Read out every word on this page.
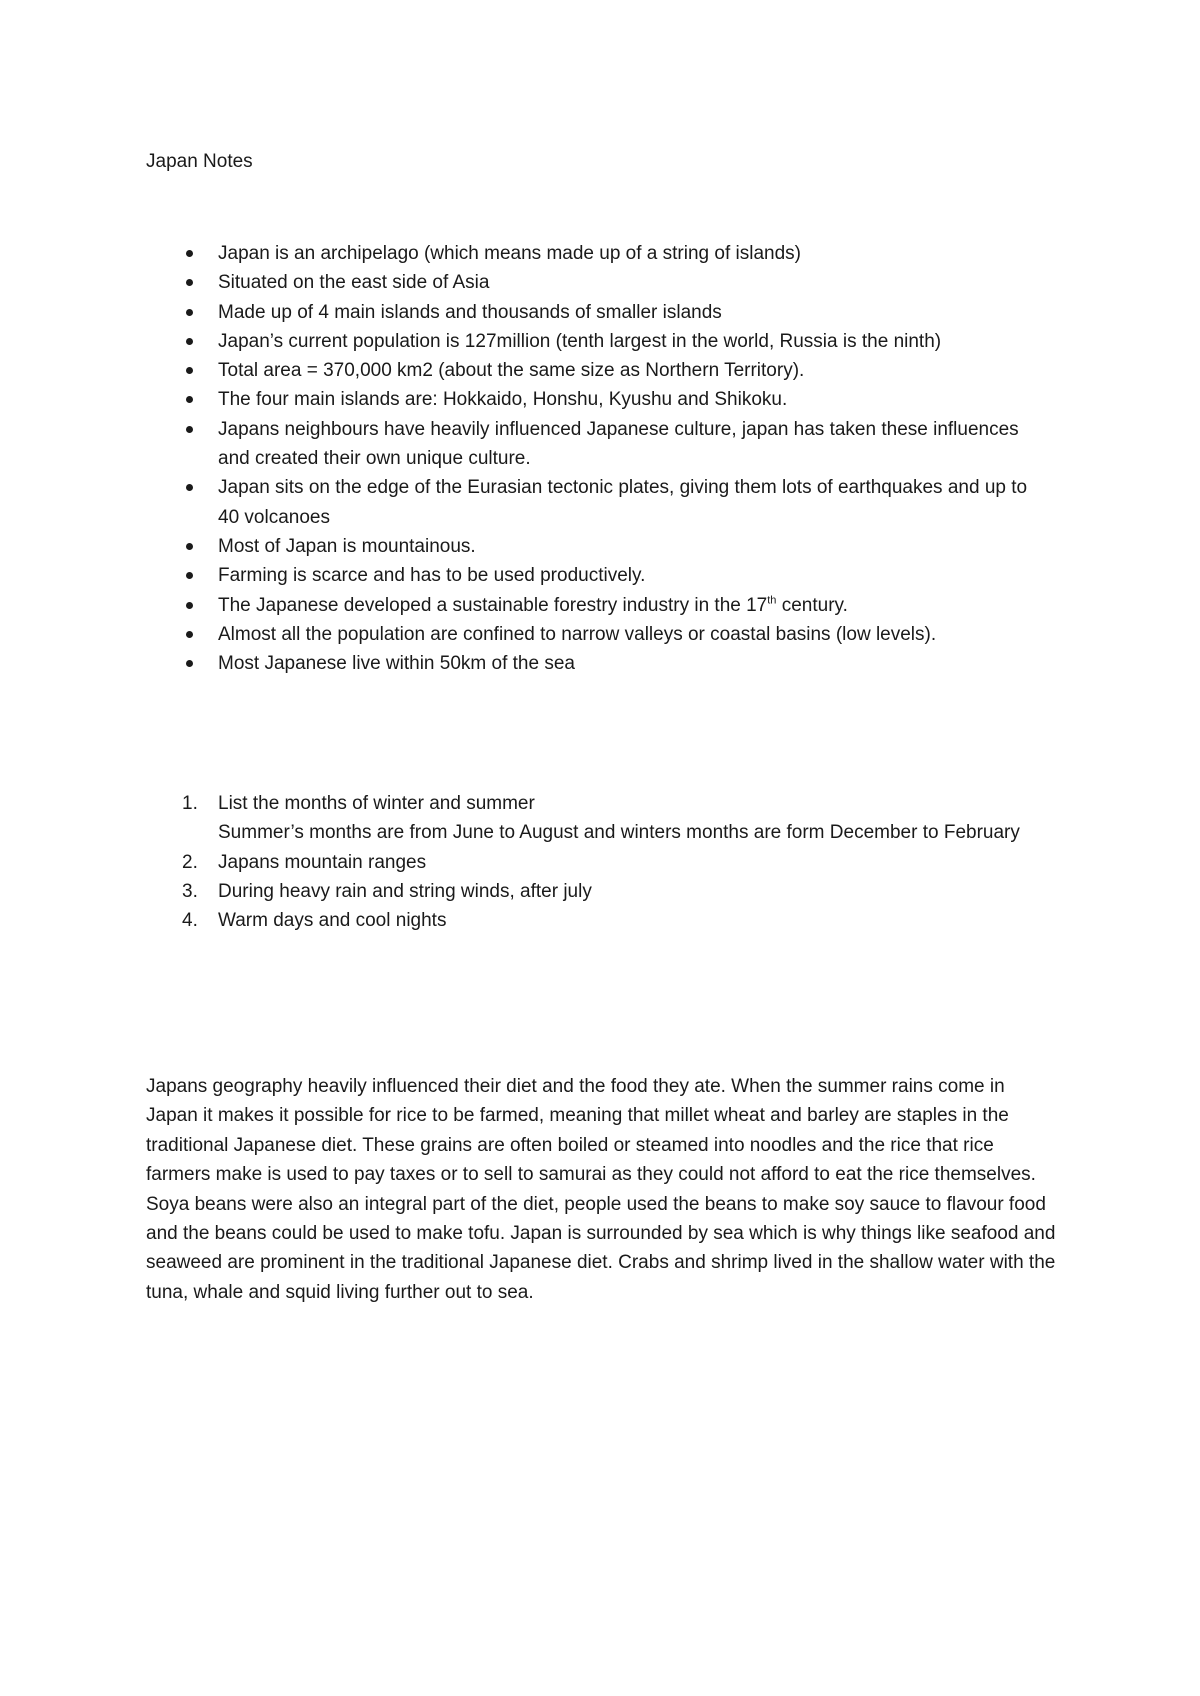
Japan Notes
Japan is an archipelago (which means made up of a string of islands)
Situated on the east side of Asia
Made up of 4 main islands and thousands of smaller islands
Japan’s current population is 127million (tenth largest in the world, Russia is the ninth)
Total area = 370,000 km2 (about the same size as Northern Territory).
The four main islands are: Hokkaido, Honshu, Kyushu and Shikoku.
Japans neighbours have heavily influenced Japanese culture, japan has taken these influences and created their own unique culture.
Japan sits on the edge of the Eurasian tectonic plates, giving them lots of earthquakes and up to 40 volcanoes
Most of Japan is mountainous.
Farming is scarce and has to be used productively.
The Japanese developed a sustainable forestry industry in the 17th century.
Almost all the population are confined to narrow valleys or coastal basins (low levels).
Most Japanese live within 50km of the sea
1. List the months of winter and summer
Summer’s months are from June to August and winters months are form December to February
2. Japans mountain ranges
3. During heavy rain and string winds, after july
4. Warm days and cool nights

Japans geography heavily influenced their diet and the food they ate. When the summer rains come in Japan it makes it possible for rice to be farmed, meaning that millet wheat and barley are staples in the traditional Japanese diet. These grains are often boiled or steamed into noodles and the rice that rice farmers make is used to pay taxes or to sell to samurai as they could not afford to eat the rice themselves. Soya beans were also an integral part of the diet, people used the beans to make soy sauce to flavour food and the beans could be used to make tofu. Japan is surrounded by sea which is why things like seafood and seaweed are prominent in the traditional Japanese diet. Crabs and shrimp lived in the shallow water with the tuna, whale and squid living further out to sea.
